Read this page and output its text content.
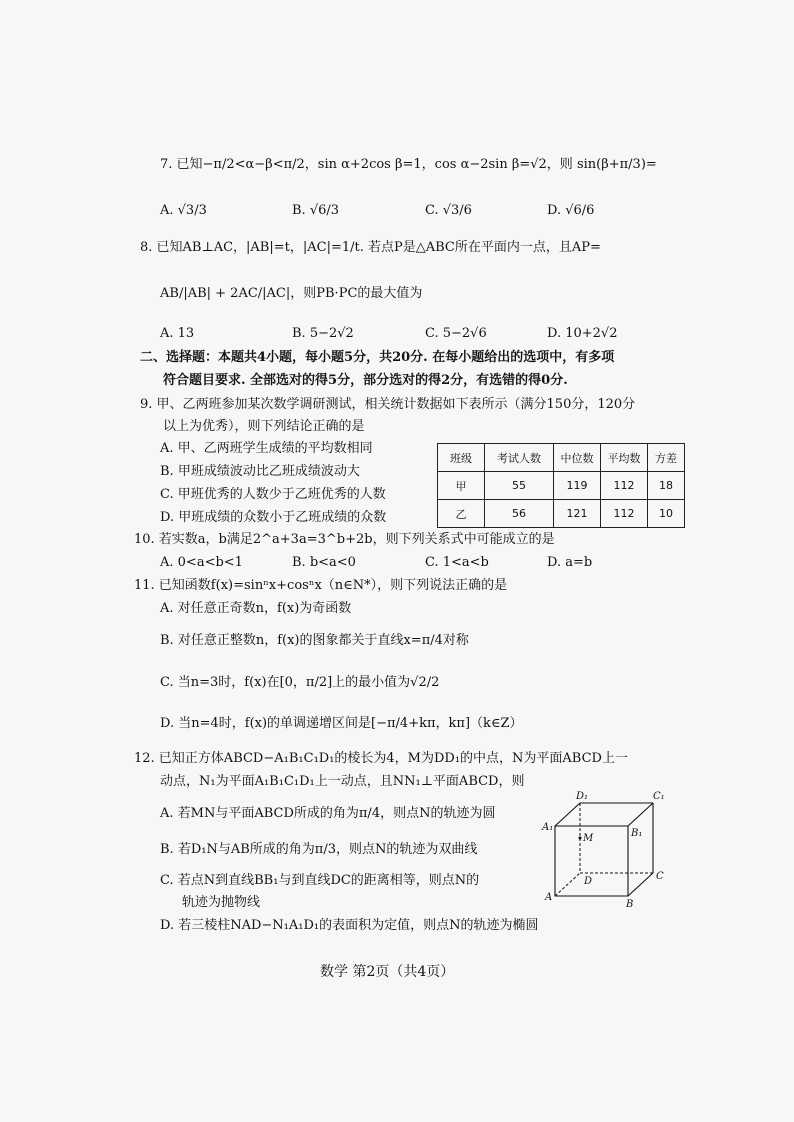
7. 已知−π/2<α−β<π/2，sin α+2cos β=1，cos α−2sin β=√2，则 sin(β+π/3)=
A. √3/3	B. √6/3	C. √3/6	D. √6/6
8. 已知AB⊥AC，|AB|=t，|AC|=1/t. 若点P是△ABC所在平面内一点，且AP=
AB/|AB| + 2AC/|AC|，则PB·PC的最大值为
A. 13	B. 5−2√2	C. 5−2√6	D. 10+2√2
二、选择题：本题共4小题，每小题5分，共20分. 在每小题给出的选项中，有多项
符合题目要求. 全部选对的得5分，部分选对的得2分，有选错的得0分.
9. 甲、乙两班参加某次数学调研测试，相关统计数据如下表所示（满分150分，120分
以上为优秀），则下列结论正确的是
A. 甲、乙两班学生成绩的平均数相同
B. 甲班成绩波动比乙班成绩波动大
C. 甲班优秀的人数少于乙班优秀的人数
D. 甲班成绩的众数小于乙班成绩的众数
班级	考试人数	中位数	平均数	方差
甲	55	119	112	18
乙	56	121	112	10
10. 若实数a，b满足2^a+3a=3^b+2b，则下列关系式中可能成立的是
A. 0<a<b<1	B. b<a<0	C. 1<a<b	D. a=b
11. 已知函数f(x)=sinⁿx+cosⁿx（n∈N*），则下列说法正确的是
A. 对任意正奇数n，f(x)为奇函数
B. 对任意正整数n，f(x)的图象都关于直线x=π/4对称
C. 当n=3时，f(x)在[0，π/2]上的最小值为√2/2
D. 当n=4时，f(x)的单调递增区间是[−π/4+kπ，kπ]（k∈Z）
12. 已知正方体ABCD−A₁B₁C₁D₁的棱长为4，M为DD₁的中点，N为平面ABCD上一
动点，N₁为平面A₁B₁C₁D₁上一动点，且NN₁⊥平面ABCD，则
A. 若MN与平面ABCD所成的角为π/4，则点N的轨迹为圆
B. 若D₁N与AB所成的角为π/3，则点N的轨迹为双曲线
C. 若点N到直线BB₁与到直线DC的距离相等，则点N的
轨迹为抛物线
D. 若三棱柱NAD−N₁A₁D₁的表面积为定值，则点N的轨迹为椭圆
D₁	C₁
A₁
B₁
M
D	C
A
B
数学 第2页（共4页）
